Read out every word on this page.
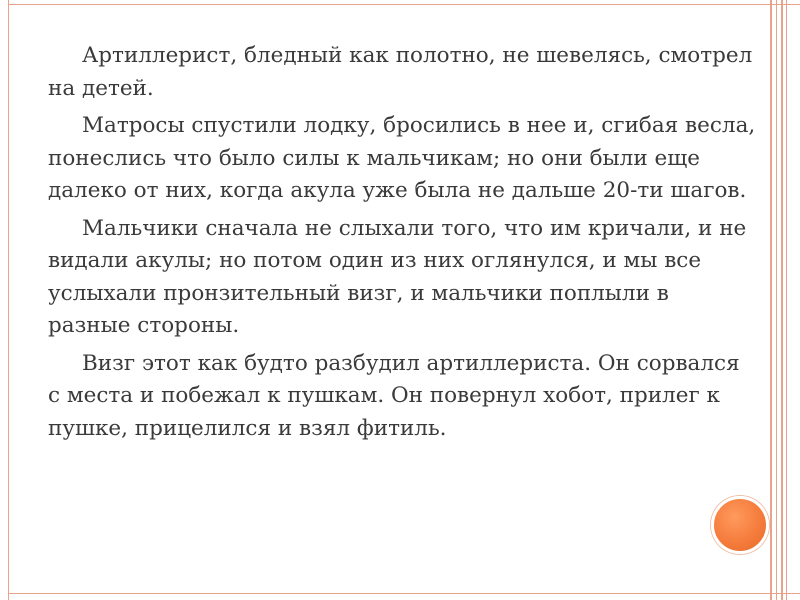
Артиллерист, бледный как полотно, не шевелясь, смотрел на детей.

Матросы спустили лодку, бросились в нее и, сгибая весла, понеслись что было силы к мальчикам; но они были еще далеко от них, когда акула уже была не дальше 20-ти шагов.

Мальчики сначала не слыхали того, что им кричали, и не видали акулы; но потом один из них оглянулся, и мы все услыхали пронзительный визг, и мальчики поплыли в разные стороны.

Визг этот как будто разбудил артиллериста. Он сорвался с места и побежал к пушкам. Он повернул хобот, прилег к пушке, прицелился и взял фитиль.
